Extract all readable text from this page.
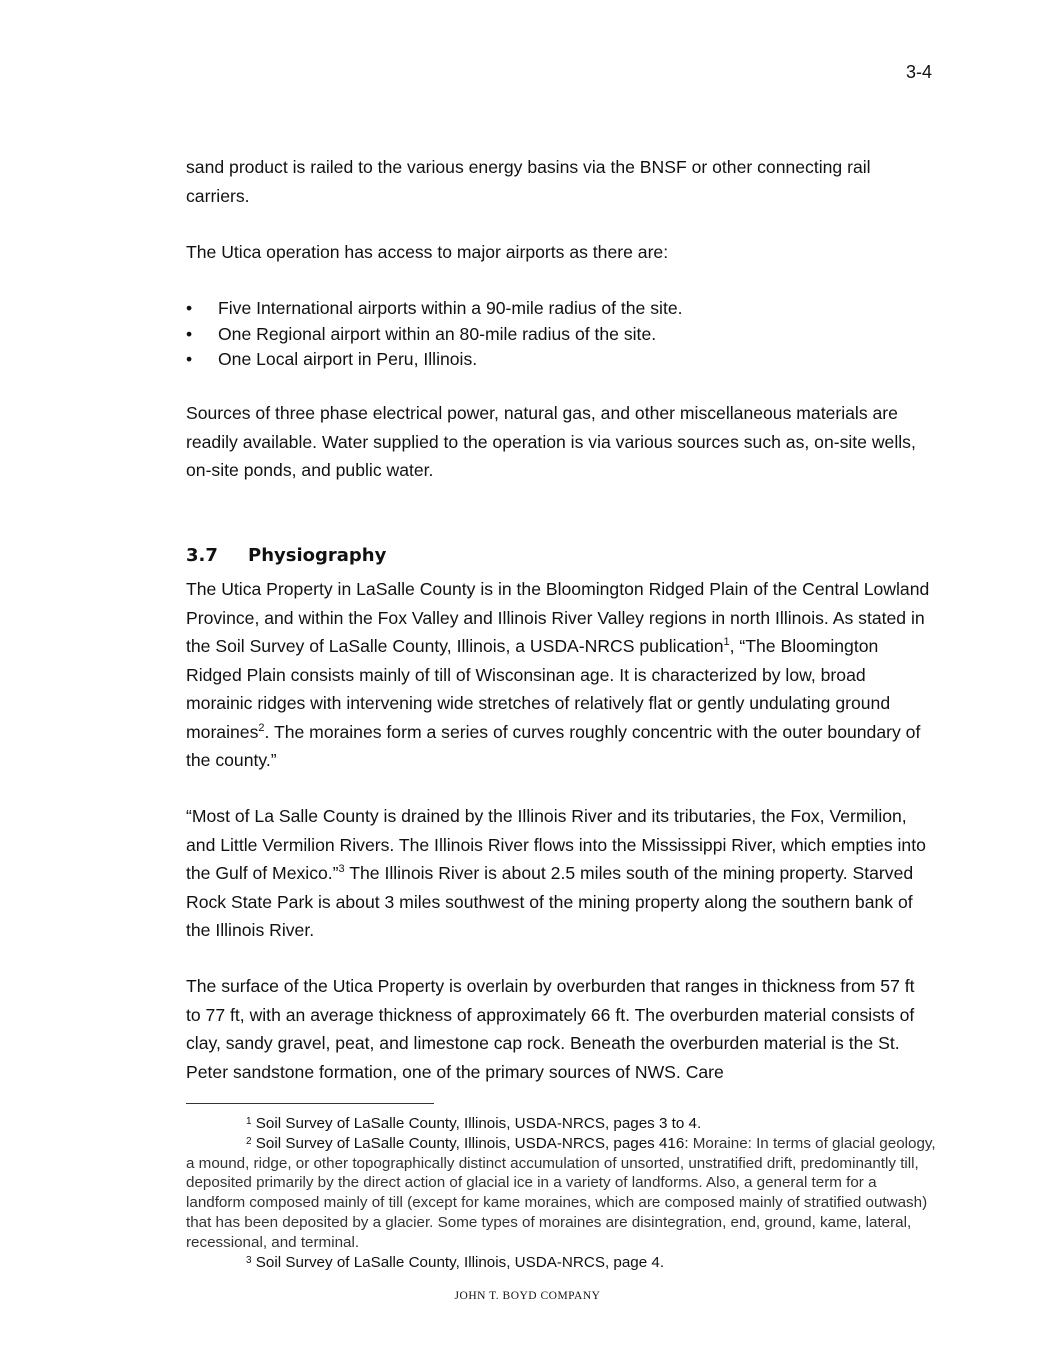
3-4

sand product is railed to the various energy basins via the BNSF or other connecting rail carriers.

The Utica operation has access to major airports as there are:

• Five International airports within a 90-mile radius of the site.
• One Regional airport within an 80-mile radius of the site.
• One Local airport in Peru, Illinois.

Sources of three phase electrical power, natural gas, and other miscellaneous materials are readily available. Water supplied to the operation is via various sources such as, on-site wells, on-site ponds, and public water.

3.7 Physiography

The Utica Property in LaSalle County is in the Bloomington Ridged Plain of the Central Lowland Province, and within the Fox Valley and Illinois River Valley regions in north Illinois. As stated in the Soil Survey of LaSalle County, Illinois, a USDA-NRCS publication$^1$, “The Bloomington Ridged Plain consists mainly of till of Wisconsinan age. It is characterized by low, broad morainic ridges with intervening wide stretches of relatively flat or gently undulating ground moraines$^2$. The moraines form a series of curves roughly concentric with the outer boundary of the county.”

“Most of La Salle County is drained by the Illinois River and its tributaries, the Fox, Vermilion, and Little Vermilion Rivers. The Illinois River flows into the Mississippi River, which empties into the Gulf of Mexico.”$^3$ The Illinois River is about 2.5 miles south of the mining property. Starved Rock State Park is about 3 miles southwest of the mining property along the southern bank of the Illinois River.

The surface of the Utica Property is overlain by overburden that ranges in thickness from 57 ft to 77 ft, with an average thickness of approximately 66 ft. The overburden material consists of clay, sandy gravel, peat, and limestone cap rock. Beneath the overburden material is the St. Peter sandstone formation, one of the primary sources of NWS. Care

$^1$ Soil Survey of LaSalle County, Illinois, USDA-NRCS, pages 3 to 4.

$^2$ Soil Survey of LaSalle County, Illinois, USDA-NRCS, pages 416: Moraine: In terms of glacial geology, a mound, ridge, or other topographically distinct accumulation of unsorted, unstratified drift, predominantly till, deposited primarily by the direct action of glacial ice in a variety of landforms. Also, a general term for a landform composed mainly of till (except for kame moraines, which are composed mainly of stratified outwash) that has been deposited by a glacier. Some types of moraines are disintegration, end, ground, kame, lateral, recessional, and terminal.

$^3$ Soil Survey of LaSalle County, Illinois, USDA-NRCS, page 4.

JOHN T. BOYD COMPANY
